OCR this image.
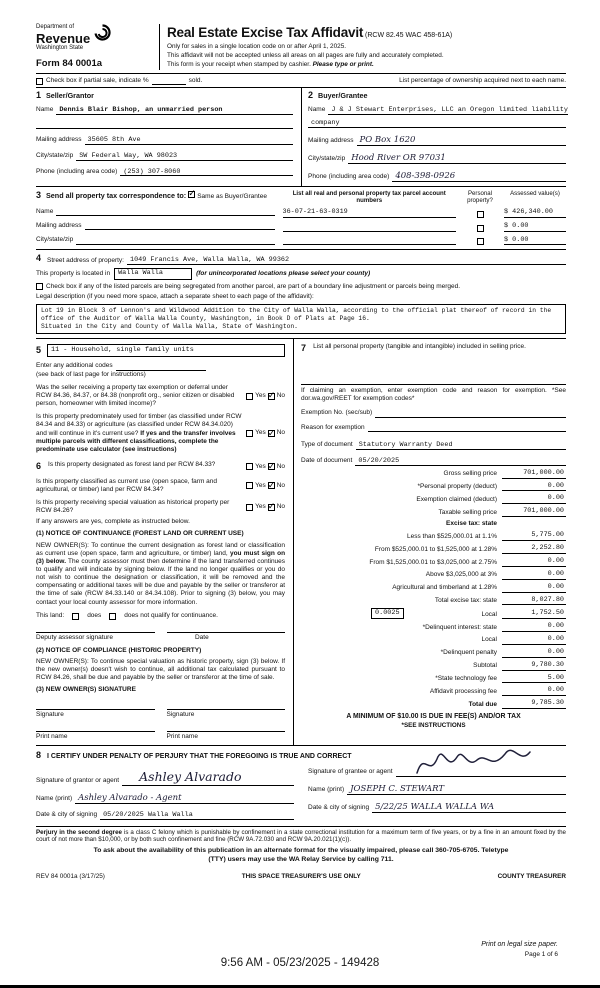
Department of
Revenue
Washington State
Form 84 0001a
Real Estate Excise Tax Affidavit (RCW 82.45 WAC 458-61A)
Only for sales in a single location code on or after April 1, 2025.
This affidavit will not be accepted unless all areas on all pages are fully and accurately completed.
This form is your receipt when stamped by cashier. Please type or print.
Check box if partial sale, indicate %	sold.	List percentage of ownership acquired next to each name.
1 Seller/Grantor
Name Dennis Blair Bishop, an unmarried person
Mailing address 35605 8th Ave
City/state/zip SW Federal Way, WA 98023
Phone (including area code) (253) 307-8060
2 Buyer/Grantee
Name J & J Stewart Enterprises, LLC an Oregon limited liability
company
Mailing address PO Box 1620
City/state/zip Hood River OR 97031
Phone (including area code) 408-398-0926
3 Send all property tax correspondence to:
✓ Same as Buyer/Grantee
Name
Mailing address
City/state/zip
List all real and personal property tax parcel account numbers
Personal property?
Assessed value(s)
36-07-21-63-0319	$ 426,340.00
$ 0.00
$ 0.00
4 Street address of property: 1049 Francis Ave, Walla Walla, WA 99362
This property is located in	Walla Walla	(for unincorporated locations please select your county)
Check box if any of the listed parcels are being segregated from another parcel, are part of a boundary line adjustment or parcels being merged.
Legal description (if you need more space, attach a separate sheet to each page of the affidavit):
Lot 19 in Block 3 of Lennon's and Wildwood Addition to the City of Walla Walla, according to the official plat thereof of record in the office of the Auditor of Walla Walla County, Washington, in Book D of Plats at Page 16.
Situated in the City and County of Walla Walla, State of Washington.
5	11 - Household, single family units
Enter any additional codes
(see back of last page for instructions)
Was the seller receiving a property tax exemption or deferral under RCW 84.36, 84.37, or 84.38 (nonprofit org., senior citizen or disabled person, homeowner with limited income)?
Yes ✓ No
Is this property predominately used for timber (as classified under RCW 84.34 and 84.33) or agriculture (as classified under RCW 84.34.020) and will continue in it's current use? If yes and the transfer involves multiple parcels with different classifications, complete the predominate use calculator (see instructions)
Yes ✓ No
6 Is this property designated as forest land per RCW 84.33?	Yes ✓ No
Is this property classified as current use (open space, farm and agricultural, or timber) land per RCW 84.34?
Yes ✓ No
Is this property receiving special valuation as historical property per RCW 84.26?
Yes ✓ No
If any answers are yes, complete as instructed below.
(1) NOTICE OF CONTINUANCE (FOREST LAND OR CURRENT USE)
NEW OWNER(S): To continue the current designation as forest land or classification as current use (open space, farm and agriculture, or timber) land, you must sign on (3) below. The county assessor must then determine if the land transferred continues to qualify and will indicate by signing below. If the land no longer qualifies or you do not wish to continue the designation or classification, it will be removed and the compensating or additional taxes will be due and payable by the seller or transferor at the time of sale (RCW 84.33.140 or 84.34.108). Prior to signing (3) below, you may contact your local county assessor for more information.
This land:	does	does not qualify for continuance.
Deputy assessor signature	Date
(2) NOTICE OF COMPLIANCE (HISTORIC PROPERTY)
NEW OWNER(S): To continue special valuation as historic property, sign (3) below. If the new owner(s) doesn't wish to continue, all additional tax calculated pursuant to RCW 84.26, shall be due and payable by the seller or transferor at the time of sale.
(3) NEW OWNER(S) SIGNATURE
Signature	Signature
Print name	Print name
7 List all personal property (tangible and intangible) included in selling price.
If claiming an exemption, enter exemption code and reason for exemption. *See dor.wa.gov/REET for exemption codes*
Exemption No. (sec/sub)
Reason for exemption
Type of document Statutory Warranty Deed
Date of document 05/20/2025
Gross selling price	701,000.00
*Personal property (deduct)	0.00
Exemption claimed (deduct)	0.00
Taxable selling price	701,000.00
Excise tax: state
Less than $525,000.01 at 1.1%	5,775.00
From $525,000.01 to $1,525,000 at 1.28%	2,252.80
From $1,525,000.01 to $3,025,000 at 2.75%	0.00
Above $3,025,000 at 3%	0.00
Agricultural and timberland at 1.28%	0.00
Total excise tax: state	8,027.80
0.0025	Local	1,752.50
*Delinquent interest: state	0.00
Local	0.00
*Delinquent penalty	0.00
Subtotal	9,780.30
*State technology fee	5.00
Affidavit processing fee	0.00
Total due	9,785.30
A MINIMUM OF $10.00 IS DUE IN FEE(S) AND/OR TAX
*SEE INSTRUCTIONS
8 I CERTIFY UNDER PENALTY OF PERJURY THAT THE FOREGOING IS TRUE AND CORRECT
Signature of grantor or agent	Ashley Alvarado
Name (print) Ashley Alvarado - Agent
Date & city of signing 05/20/2025 Walla Walla
Signature of grantee or agent
Name (print) JOSEPH C. STEWART
Date & city of signing 5/22/25 WALLA WALLA WA
Perjury in the second degree is a class C felony which is punishable by confinement in a state correctional institution for a maximum term of five years, or by a fine in an amount fixed by the court of not more than $10,000, or by both such confinement and fine (RCW 9A.72.030 and RCW 9A.20.021(1)(c)).
To ask about the availability of this publication in an alternate format for the visually impaired, please call 360-705-6705. Teletype
(TTY) users may use the WA Relay Service by calling 711.
REV 84 0001a (3/17/25)	THIS SPACE TREASURER'S USE ONLY	COUNTY TREASURER
Print on legal size paper.
Page 1 of 6
9:56 AM - 05/23/2025 - 149428
